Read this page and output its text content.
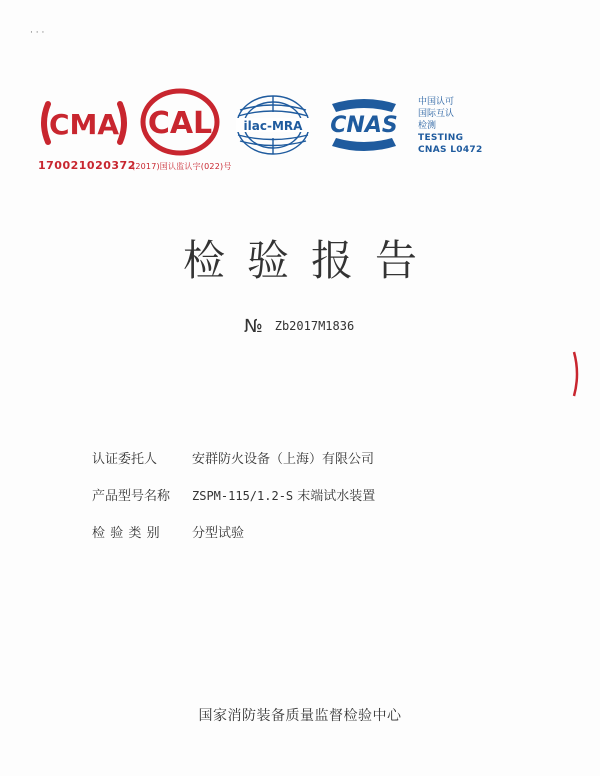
· · ·
CMA
170021020372
CAL
(2017)国认监认字(022)号
ilac-MRA CNAS
中国认可
国际互认
检测
TESTING
CNAS L0472
检验报告
№ Zb2017M1836
认证委托人	安群防火设备（上海）有限公司
产品型号名称 ZSPM-115/1.2-S 末端试水装置
检验类别 分型试验
国家消防装备质量监督检验中心
